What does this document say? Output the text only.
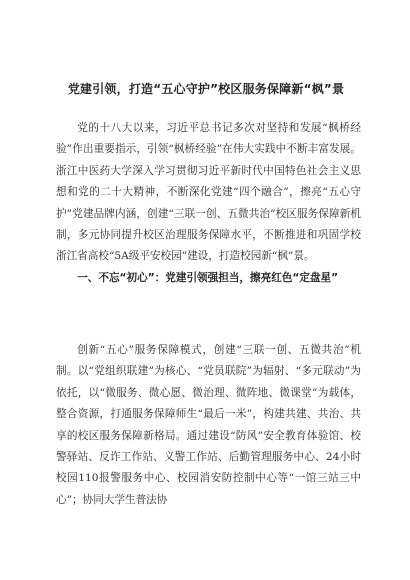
党建引领，打造“五心守护”校区服务保障新“枫”景

党的十八大以来，习近平总书记多次对坚持和发展“枫桥经验”作出重要指示，引领“枫桥经验”在伟大实践中不断丰富发展。浙江中医药大学深入学习贯彻习近平新时代中国特色社会主义思想和党的二十大精神，不断深化党建“四个融合”，擦亮“五心守护”党建品牌内涵，创建“三联一创、五微共治”校区服务保障新机制，多元协同提升校区治理服务保障水平，不断推进和巩固学校浙江省高校“5A级平安校园”建设，打造校园新“枫”景。

一、不忘“初心”：党建引领强担当，擦亮红色“定盘星”

创新“五心”服务保障模式，创建“三联一创、五微共治”机制。以“党组织联建”为核心、“党员联院”为辐射、“多元联动”为依托，以“微服务、微心愿、微治理、微阵地、微课堂”为载体，整合资源，打通服务保障师生“最后一米”，构建共建、共治、共享的校区服务保障新格局。通过建设“防风”安全教育体验馆、校警驿站、反诈工作站、义警工作站、后勤管理服务中心、24小时校园110报警服务中心、校园消安防控制中心等“一馆三站三中心”；协同大学生普法协
